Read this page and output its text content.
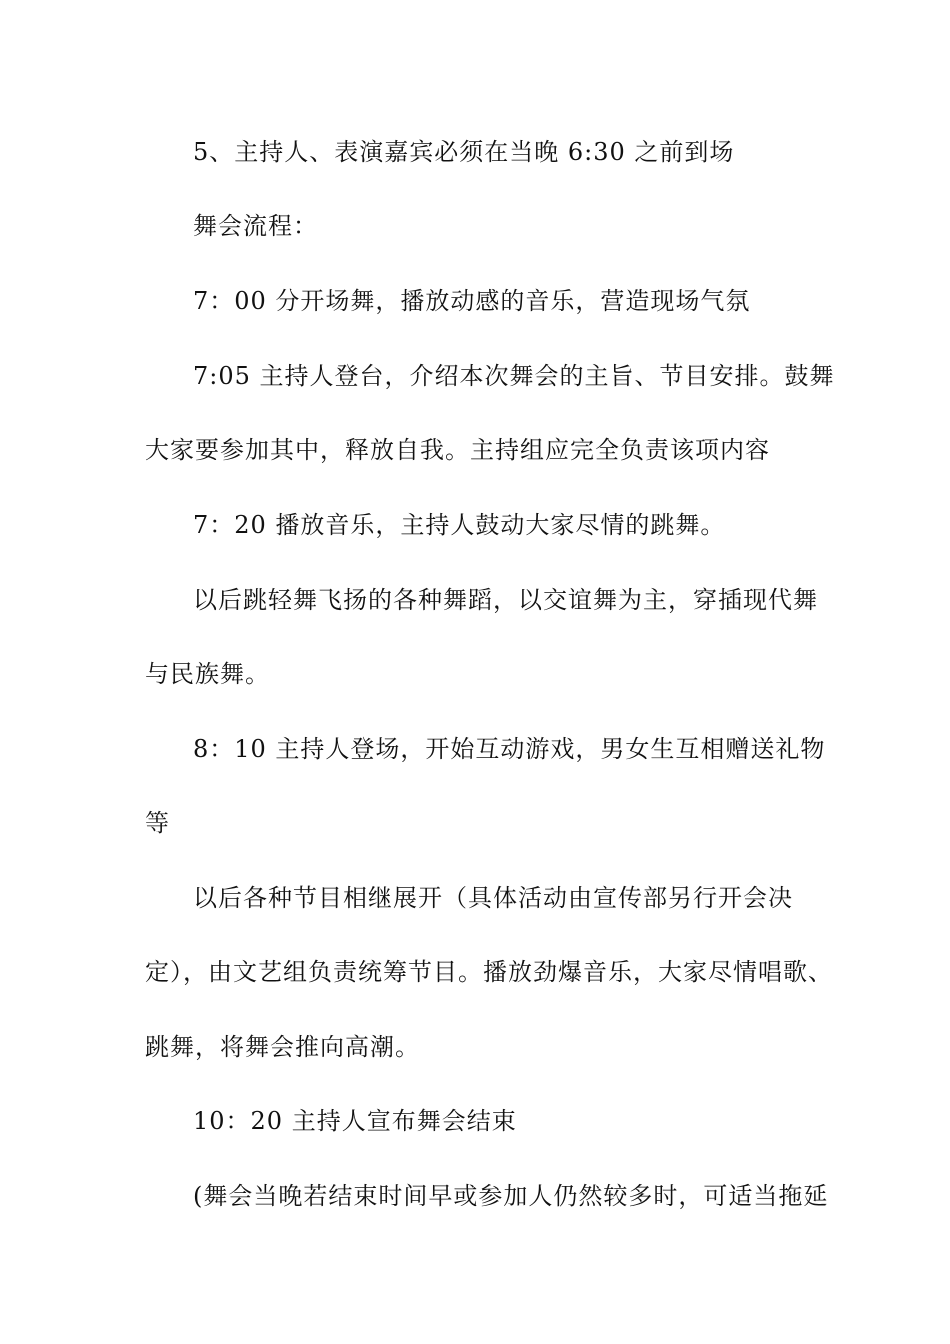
5、主持人、表演嘉宾必须在当晚 6:30 之前到场
舞会流程：
7：00 分开场舞，播放动感的音乐，营造现场气氛
7:05 主持人登台，介绍本次舞会的主旨、节目安排。鼓舞
大家要参加其中，释放自我。主持组应完全负责该项内容
7：20 播放音乐，主持人鼓动大家尽情的跳舞。
以后跳轻舞飞扬的各种舞蹈，以交谊舞为主，穿插现代舞
与民族舞。
8：10 主持人登场，开始互动游戏，男女生互相赠送礼物
等
以后各种节目相继展开（具体活动由宣传部另行开会决
定），由文艺组负责统筹节目。播放劲爆音乐，大家尽情唱歌、
跳舞，将舞会推向高潮。
10：20 主持人宣布舞会结束
(舞会当晚若结束时间早或参加人仍然较多时，可适当拖延
